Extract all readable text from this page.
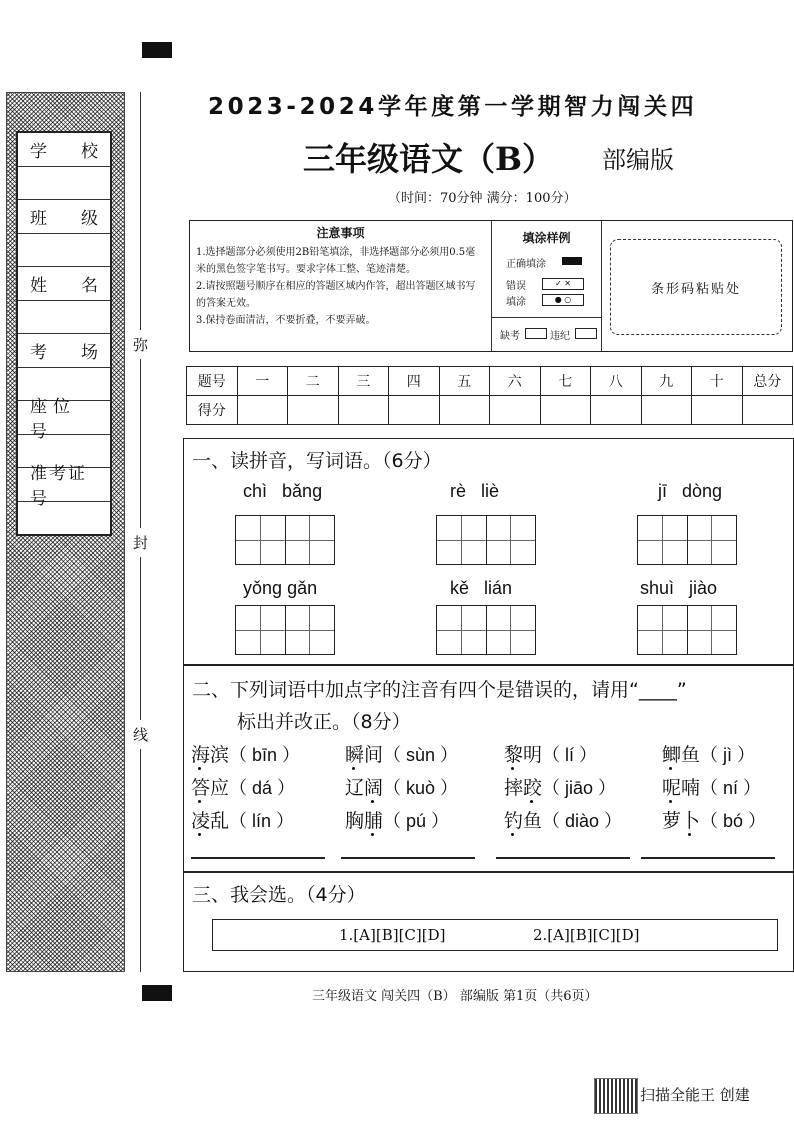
学 校
班 级
姓 名
考 场
座位号
准考证号
弥
封
线
2023-2024学年度第一学期智力闯关四
三年级语文（B） 部编版
（时间：70分钟 满分：100分）
注意事项
1.选择题部分必须使用2B铅笔填涂，非选择题部分必须用0.5毫米的黑色签字笔书写。要求字体工整、笔迹清楚。
2.请按照题号顺序在相应的答题区域内作答，超出答题区域书写的答案无效。
3.保持卷面清洁，不要折叠，不要弄破。
填涂样例
正确填涂
错误	✓ ✕
填涂	● ○
缺考	违纪
条形码粘贴处
题号	一	二	三	四	五	六	七	八	九	十	总分
得分											
一、读拼音，写词语。（6分）
chì bǎng	rè liè	jī dòng
yǒng gǎn	kě lián	shuì jiào
二、下列词语中加点字的注音有四个是错误的，请用“____”
标出并改正。（8分）
海滨（ bīn ） 瞬间（ sùn ） 黎明（ lí ）	鲫鱼（ jì ）
答应（ dá ）	辽阔（ kuò ） 摔跤（ jiāo ） 呢喃（ ní ）
凌乱（ lín ）	胸脯（ pú ）	钓鱼（ diào ） 萝卜（ bó ）
三、我会选。（4分）
1.[A][B][C][D]	2.[A][B][C][D]
三年级语文 闯关四（B） 部编版 第1页（共6页）
扫描全能王 创建
